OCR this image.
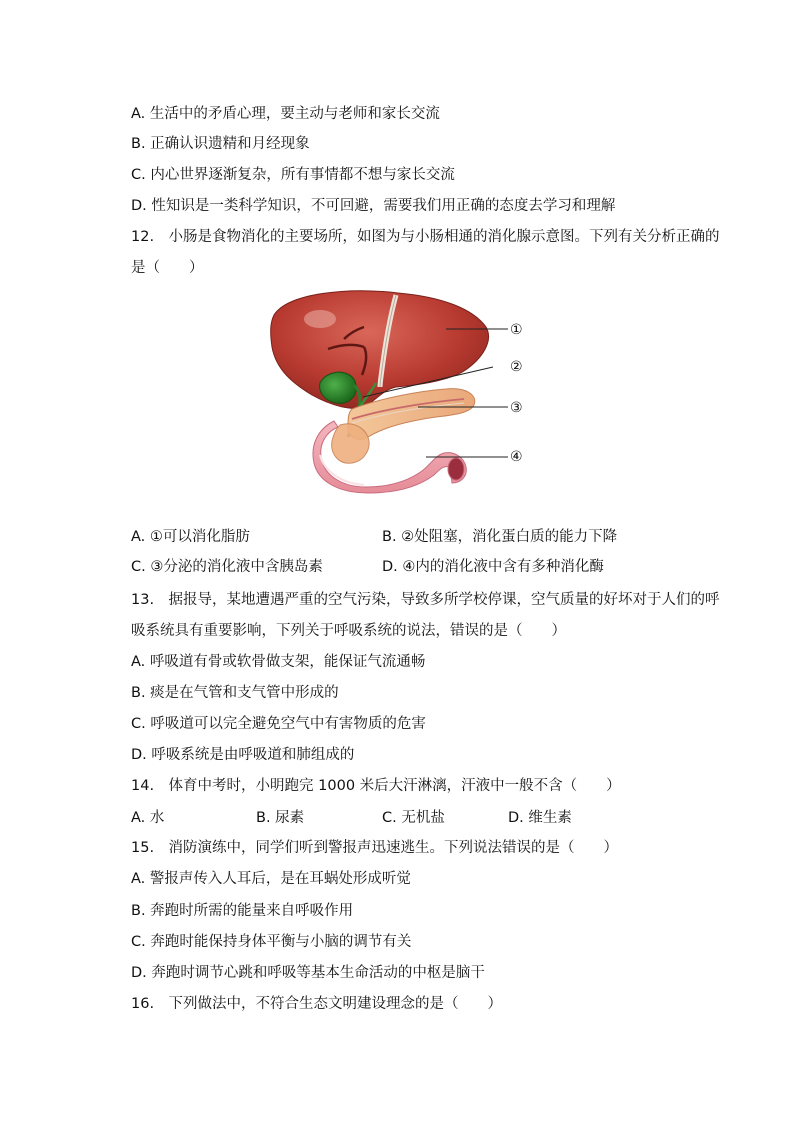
A. 生活中的矛盾心理，要主动与老师和家长交流
B. 正确认识遗精和月经现象
C. 内心世界逐渐复杂，所有事情都不想与家长交流
D. 性知识是一类科学知识，不可回避，需要我们用正确的态度去学习和理解
12.　小肠是食物消化的主要场所，如图为与小肠相通的消化腺示意图。下列有关分析正确的
是（　　）
①
②
③
④
A. ①可以消化脂肪	B. ②处阻塞，消化蛋白质的能力下降
C. ③分泌的消化液中含胰岛素	D. ④内的消化液中含有多种消化酶
13.　据报导，某地遭遇严重的空气污染，导致多所学校停课，空气质量的好坏对于人们的呼
吸系统具有重要影响，下列关于呼吸系统的说法，错误的是（　　）
A. 呼吸道有骨或软骨做支架，能保证气流通畅
B. 痰是在气管和支气管中形成的
C. 呼吸道可以完全避免空气中有害物质的危害
D. 呼吸系统是由呼吸道和肺组成的
14.　体育中考时，小明跑完 1000 米后大汗淋漓，汗液中一般不含（　　）
A. 水	B. 尿素	C. 无机盐	D. 维生素
15.　消防演练中，同学们听到警报声迅速逃生。下列说法错误的是（　　）
A. 警报声传入人耳后，是在耳蜗处形成听觉
B. 奔跑时所需的能量来自呼吸作用
C. 奔跑时能保持身体平衡与小脑的调节有关
D. 奔跑时调节心跳和呼吸等基本生命活动的中枢是脑干
16.　下列做法中，不符合生态文明建设理念的是（　　）
